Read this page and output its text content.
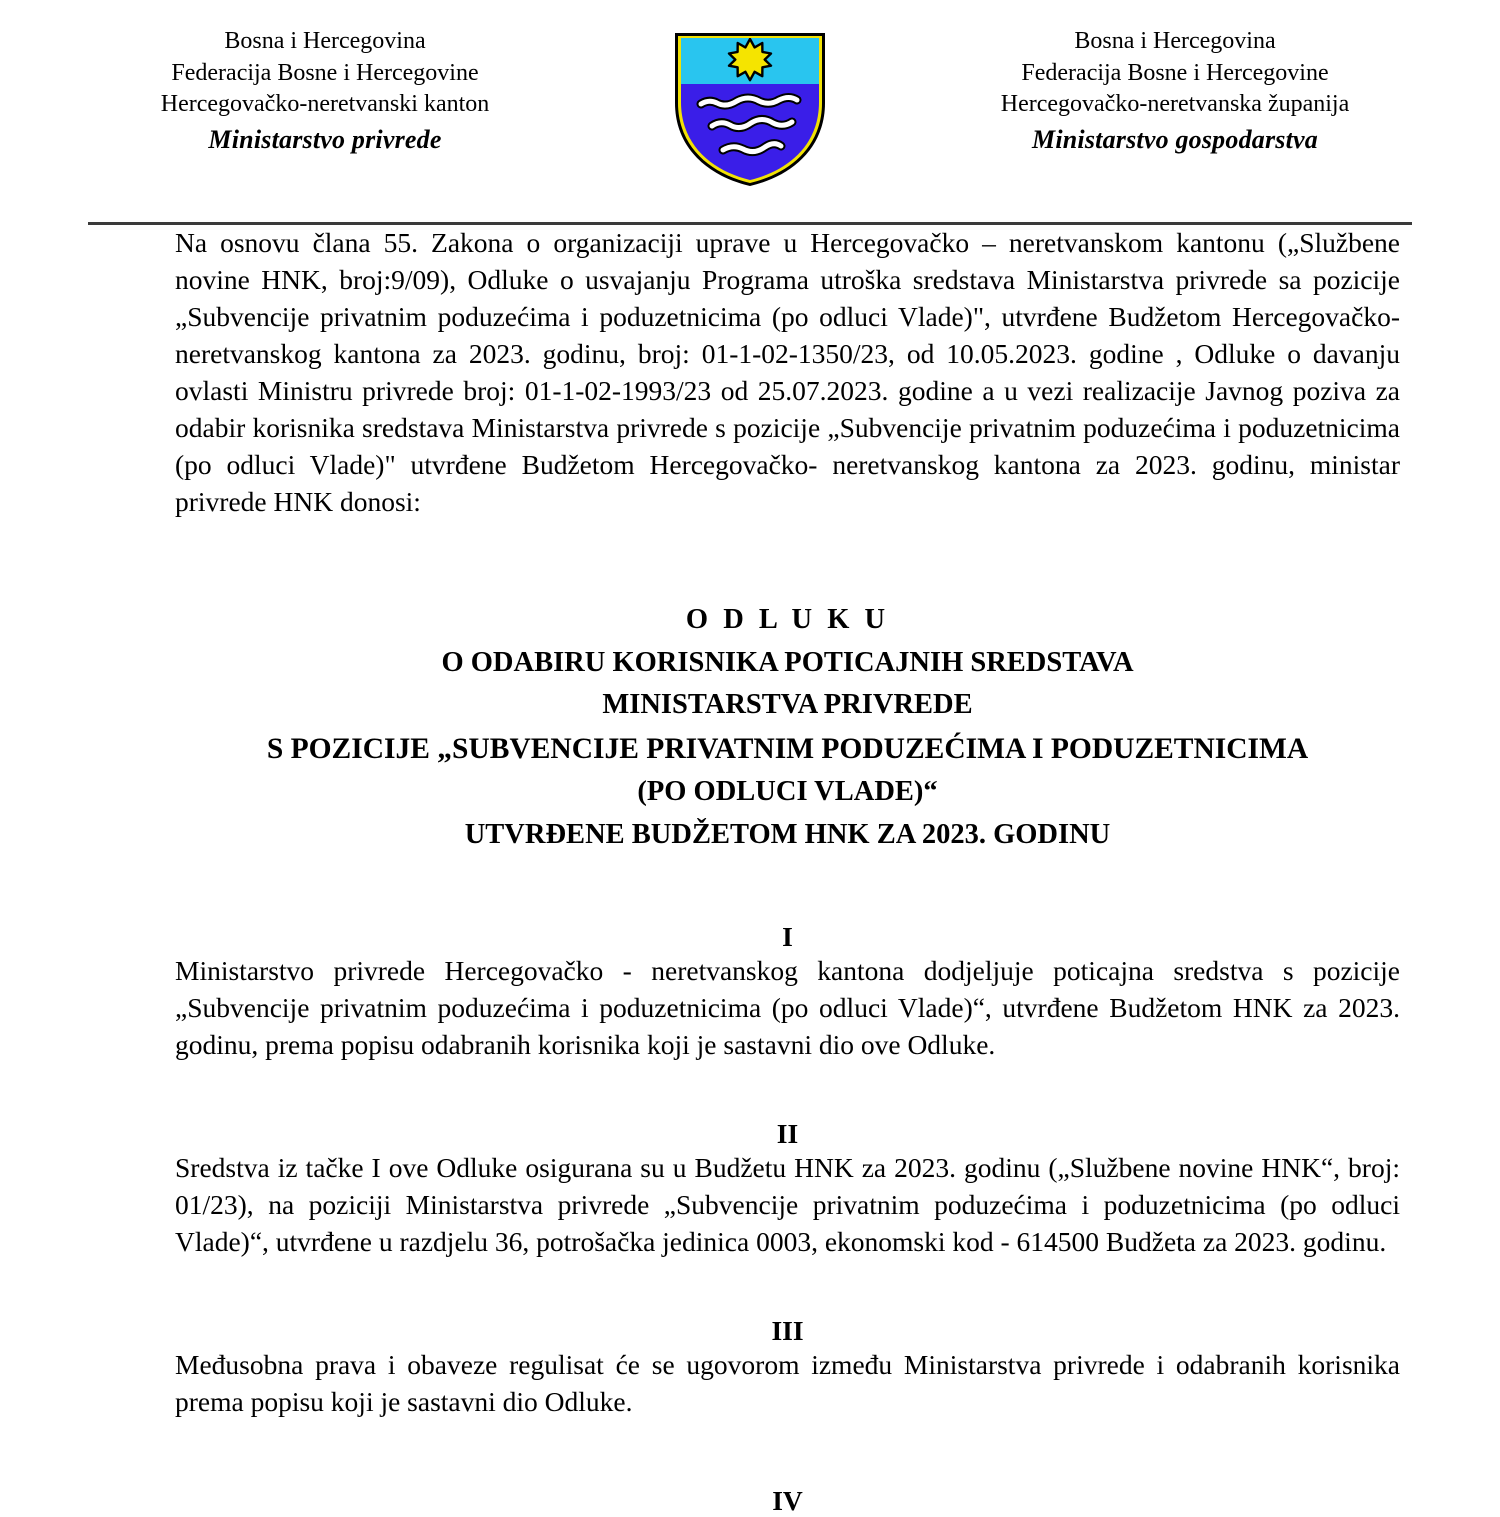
Bosna i Hercegovina
Federacija Bosne i Hercegovine
Hercegovačko-neretvanski kanton
Ministarstvo privrede
Bosna i Hercegovina
Federacija Bosne i Hercegovine
Hercegovačko-neretvanska županija
Ministarstvo gospodarstva

Na osnovu člana 55. Zakona o organizaciji uprave u Hercegovačko – neretvanskom kantonu („Službene novine HNK, broj:9/09), Odluke o usvajanju Programa utroška sredstava Ministarstva privrede sa pozicije „Subvencije privatnim poduzećima i poduzetnicima (po odluci Vlade)", utvrđene Budžetom Hercegovačko-neretvanskog kantona za 2023. godinu, broj: 01-1-02-1350/23, od 10.05.2023. godine , Odluke o davanju ovlasti Ministru privrede broj: 01-1-02-1993/23 od 25.07.2023. godine a u vezi realizacije Javnog poziva za odabir korisnika sredstava Ministarstva privrede s pozicije „Subvencije privatnim poduzećima i poduzetnicima (po odluci Vlade)" utvrđene Budžetom Hercegovačko- neretvanskog kantona za 2023. godinu, ministar privrede HNK donosi:

O D L U K U
O ODABIRU KORISNIKA POTICAJNIH SREDSTAVA
MINISTARSTVA PRIVREDE
S POZICIJE „SUBVENCIJE PRIVATNIM PODUZEĆIMA I PODUZETNICIMA
(PO ODLUCI VLADE)“
UTVRĐENE BUDŽETOM HNK ZA 2023. GODINU
I

Ministarstvo privrede Hercegovačko - neretvanskog kantona dodjeljuje poticajna sredstva s pozicije „Subvencije privatnim poduzećima i poduzetnicima (po odluci Vlade)“, utvrđene Budžetom HNK za 2023. godinu, prema popisu odabranih korisnika koji je sastavni dio ove Odluke.

II

Sredstva iz tačke I ove Odluke osigurana su u Budžetu HNK za 2023. godinu („Službene novine HNK“, broj: 01/23), na poziciji Ministarstva privrede „Subvencije privatnim poduzećima i poduzetnicima (po odluci Vlade)“, utvrđene u razdjelu 36, potrošačka jedinica 0003, ekonomski kod - 614500 Budžeta za 2023. godinu.

III

Međusobna prava i obaveze regulisat će se ugovorom između Ministarstva privrede i odabranih korisnika prema popisu koji je sastavni dio Odluke.

IV
